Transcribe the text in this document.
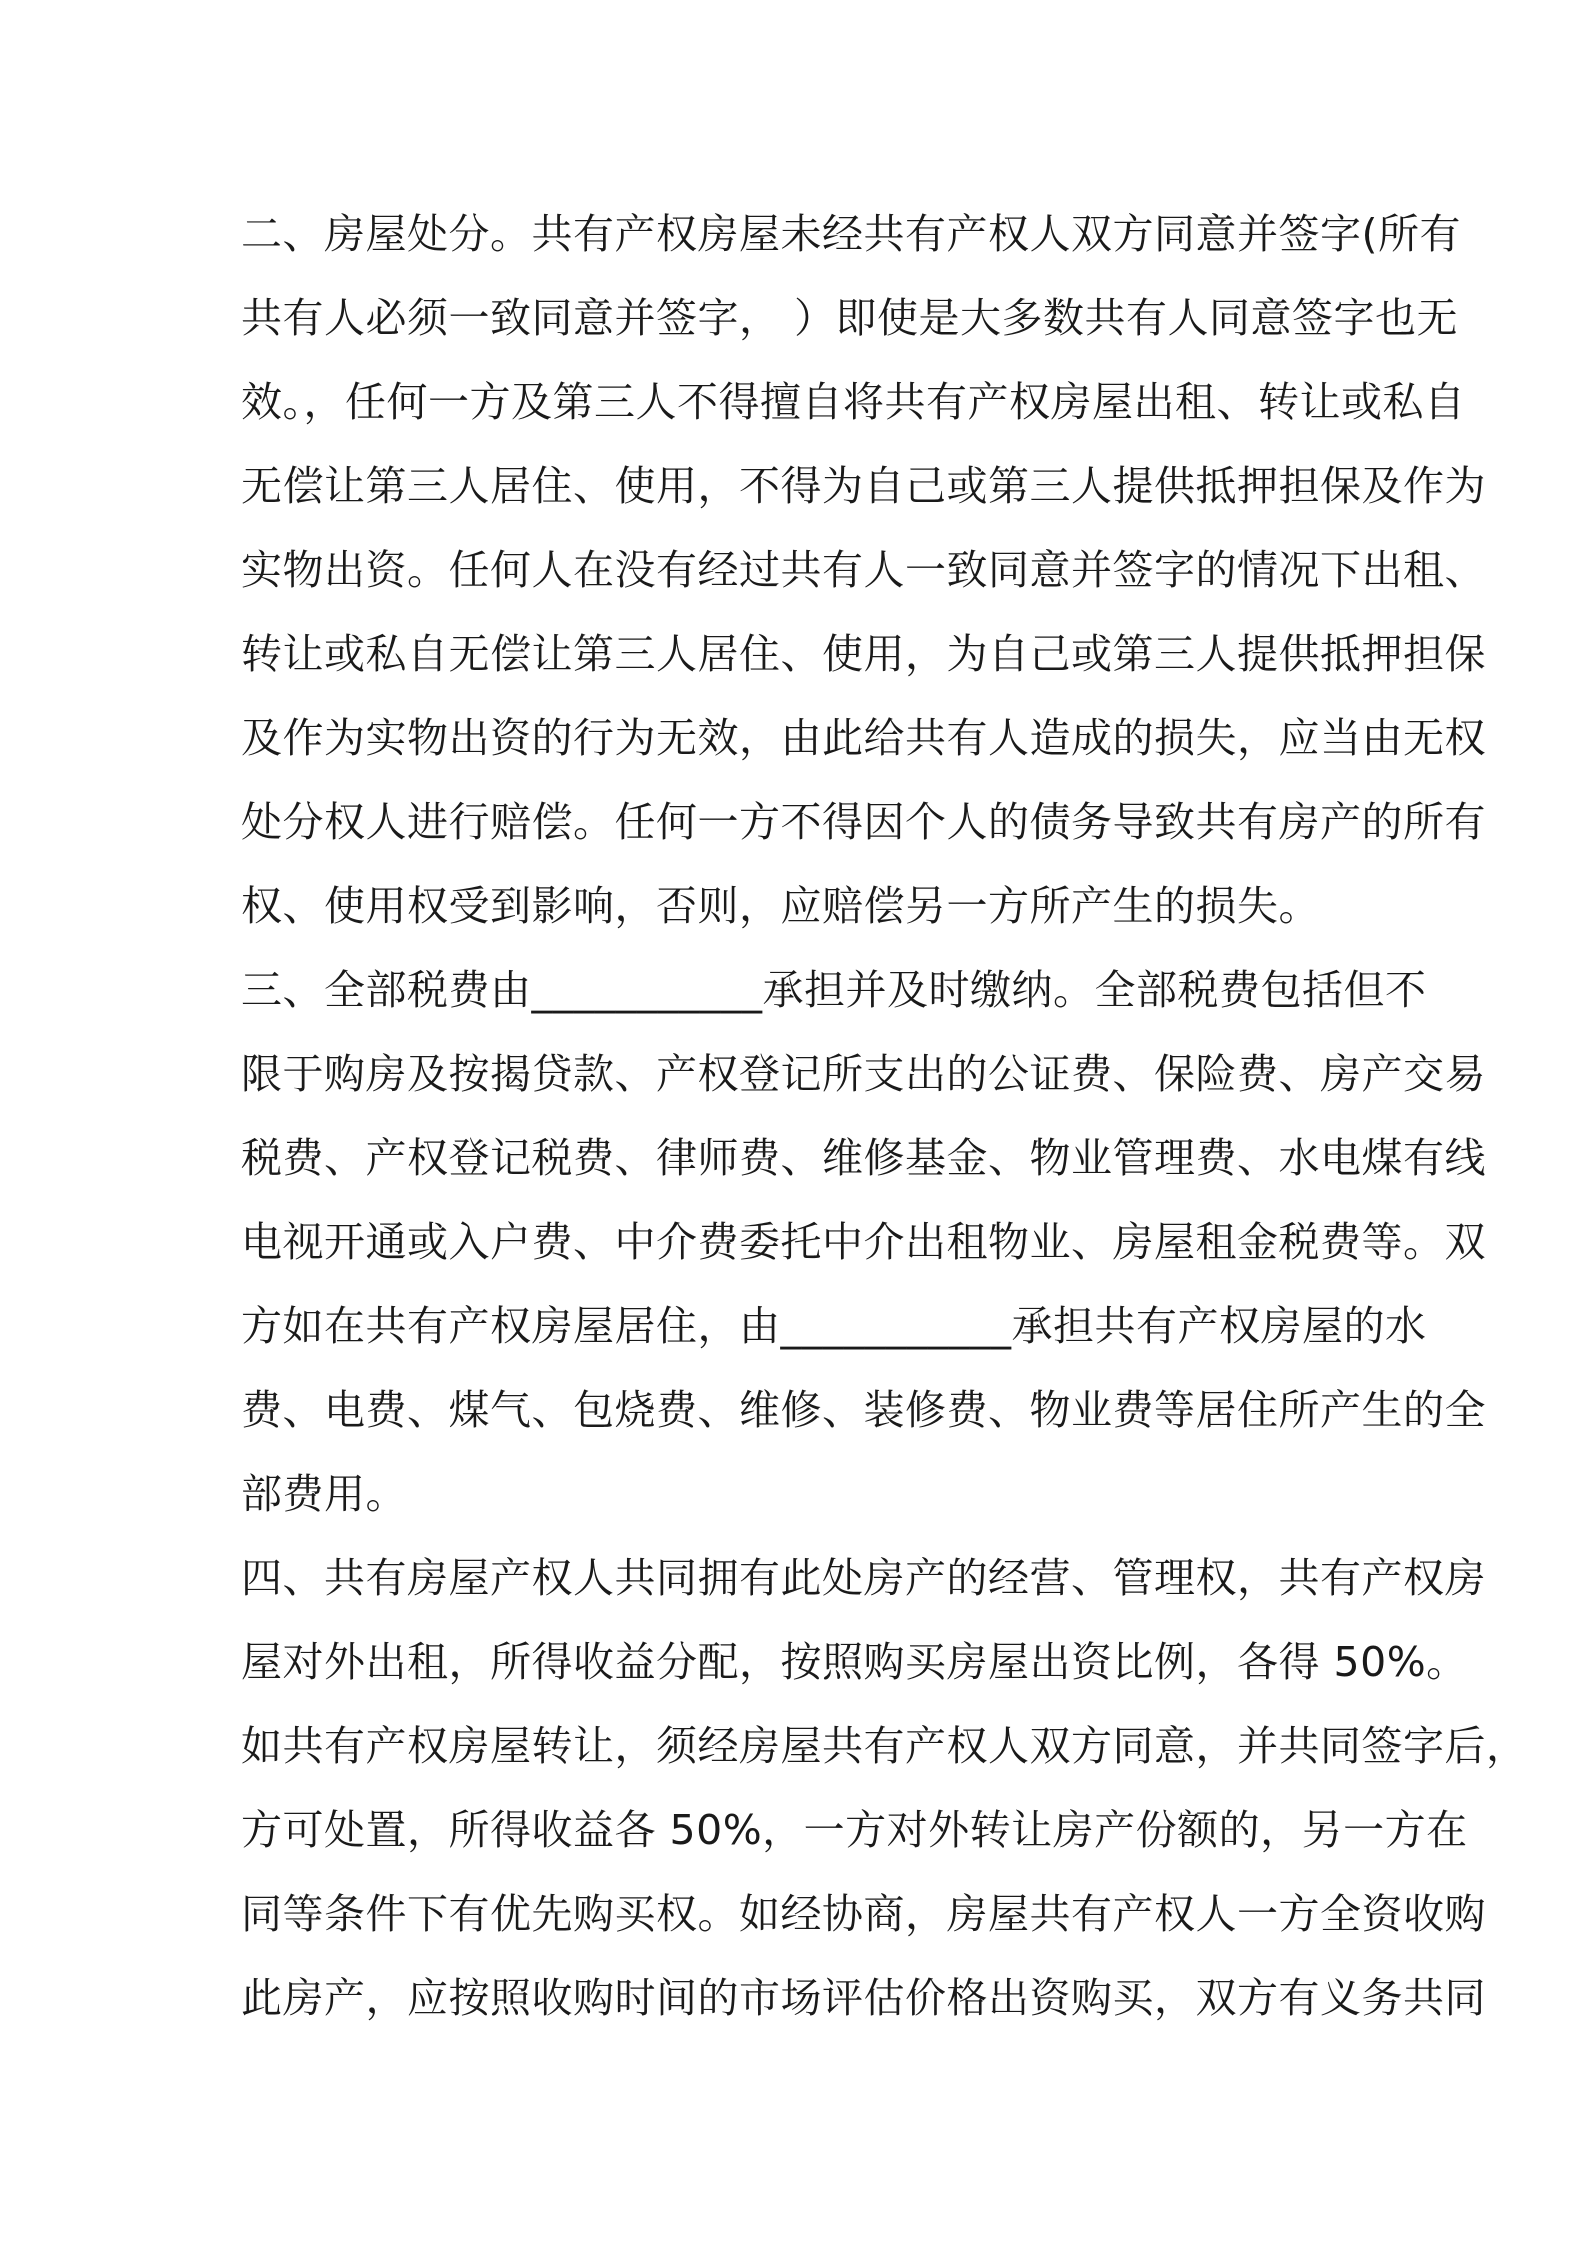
二、房屋处分。共有产权房屋未经共有产权人双方同意并签字(所有
共有人必须一致同意并签字， ）即使是大多数共有人同意签字也无
效。，任何一方及第三人不得擅自将共有产权房屋出租、转让或私自
无偿让第三人居住、使用，不得为自己或第三人提供抵押担保及作为
实物出资。任何人在没有经过共有人一致同意并签字的情况下出租、
转让或私自无偿让第三人居住、使用，为自己或第三人提供抵押担保
及作为实物出资的行为无效，由此给共有人造成的损失，应当由无权
处分权人进行赔偿。任何一方不得因个人的债务导致共有房产的所有
权、使用权受到影响，否则，应赔偿另一方所产生的损失。
三、全部税费由___________承担并及时缴纳。全部税费包括但不
限于购房及按揭贷款、产权登记所支出的公证费、保险费、房产交易
税费、产权登记税费、律师费、维修基金、物业管理费、水电煤有线
电视开通或入户费、中介费委托中介出租物业、房屋租金税费等。双
方如在共有产权房屋居住，由___________承担共有产权房屋的水
费、电费、煤气、包烧费、维修、装修费、物业费等居住所产生的全
部费用。
四、共有房屋产权人共同拥有此处房产的经营、管理权，共有产权房
屋对外出租，所得收益分配，按照购买房屋出资比例，各得 50%。
如共有产权房屋转让，须经房屋共有产权人双方同意，并共同签字后，
方可处置，所得收益各 50%，一方对外转让房产份额的，另一方在
同等条件下有优先购买权。如经协商，房屋共有产权人一方全资收购
此房产，应按照收购时间的市场评估价格出资购买，双方有义务共同
